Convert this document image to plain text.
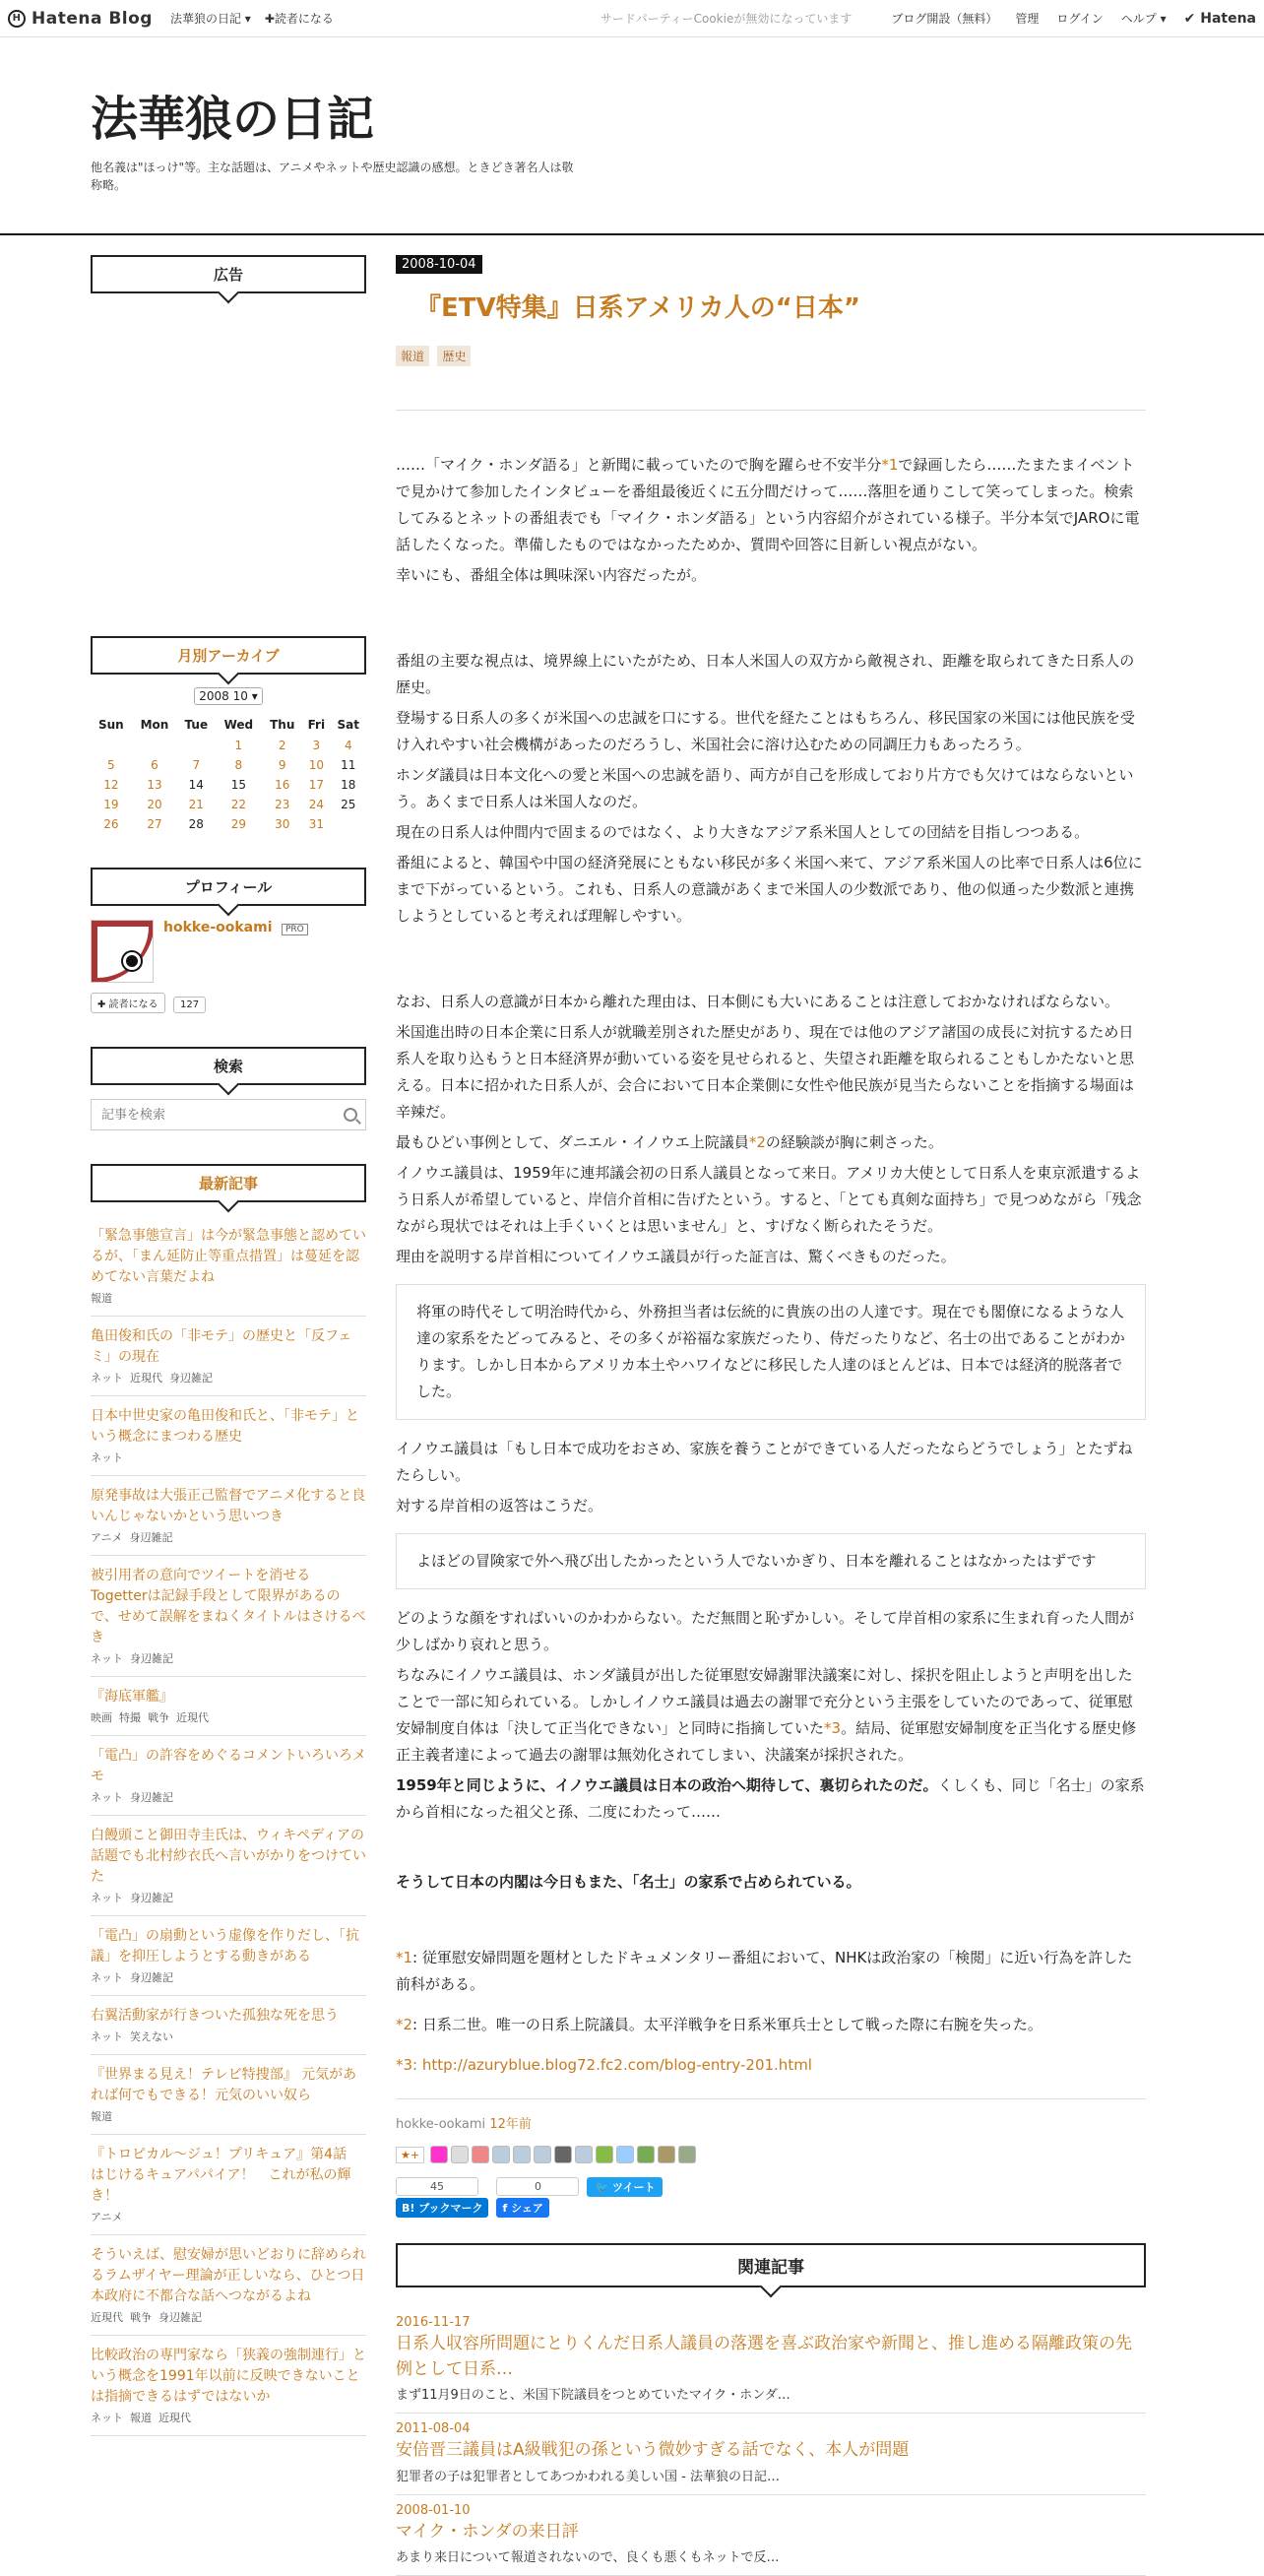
H Hatena Blog 法華狼の日記 ▾ ✚読者になる	サードパーティーCookieが無効になっています	ブログ開設（無料） 管理 ログイン ヘルプ ▾ ✔
Hatena
法華狼の日記
他名義は"ほっけ"等。主な話題は、アニメやネットや歴史認識の感想。ときどき著名人は敬称略。
広告
月別アーカイブ
2008 10 ▾
Sun	Mon	Tue	Wed	Thu	Fri	Sat
			1	2	3	4
5	6	7	8	9	10	11
12	13	14	15	16	17	18
19	20	21	22	23	24	25
26	27	28	29	30	31	
プロフィール
hokke-ookami PRO
✚ 読者になる 127
検索
記事を検索
最新記事
「緊急事態宣言」は今が緊急事態と認めているが、「まん延防止等重点措置」は蔓延を認めてない言葉だよね
報道
亀田俊和氏の「非モテ」の歴史と「反フェミ」の現在
ネット 近現代 身辺雑記
日本中世史家の亀田俊和氏と、「非モテ」という概念にまつわる歴史
ネット
原発事故は大張正己監督でアニメ化すると良いんじゃないかという思いつき
アニメ 身辺雑記
被引用者の意向でツイートを消せるTogetterは記録手段として限界があるので、せめて誤解をまねくタイトルはさけるべき
ネット 身辺雑記
『海底軍艦』
映画 特撮 戦争 近現代
「電凸」の許容をめぐるコメントいろいろメモ
ネット 身辺雑記
白饅頭こと御田寺圭氏は、ウィキペディアの話題でも北村紗衣氏へ言いがかりをつけていた
ネット 身辺雑記
「電凸」の扇動という虚像を作りだし、「抗議」を抑圧しようとする動きがある
ネット 身辺雑記
右翼活動家が行きついた孤独な死を思う
ネット 笑えない
『世界まる見え！テレビ特捜部』 元気があれば何でもできる！元気のいい奴ら
報道
『トロピカル～ジュ！プリキュア』第4話　はじけるキュアパパイア！　これが私の輝き！
アニメ
そういえば、慰安婦が思いどおりに辞められるラムザイヤー理論が正しいなら、ひとつ日本政府に不都合な話へつながるよね
近現代 戦争 身辺雑記
比較政治の専門家なら「狭義の強制連行」という概念を1991年以前に反映できないことは指摘できるはずではないか
ネット 報道 近現代
2008-10-04
『ETV特集』日系アメリカ人の“日本”
報道 歴史

……「マイク・ホンダ語る」と新聞に載っていたので胸を躍らせ不安半分*1で録画したら……たまたまイベントで見かけて参加したインタビューを番組最後近くに五分間だけって……落胆を通りこして笑ってしまった。検索してみるとネットの番組表でも「マイク・ホンダ語る」という内容紹介がされている様子。半分本気でJAROに電話したくなった。準備したものではなかったためか、質問や回答に目新しい視点がない。

幸いにも、番組全体は興味深い内容だったが。

番組の主要な視点は、境界線上にいたがため、日本人米国人の双方から敵視され、距離を取られてきた日系人の歴史。

登場する日系人の多くが米国への忠誠を口にする。世代を経たことはもちろん、移民国家の米国には他民族を受け入れやすい社会機構があったのだろうし、米国社会に溶け込むための同調圧力もあったろう。

ホンダ議員は日本文化への愛と米国への忠誠を語り、両方が自己を形成しており片方でも欠けてはならないという。あくまで日系人は米国人なのだ。

現在の日系人は仲間内で固まるのではなく、より大きなアジア系米国人としての団結を目指しつつある。

番組によると、韓国や中国の経済発展にともない移民が多く米国へ来て、アジア系米国人の比率で日系人は6位にまで下がっているという。これも、日系人の意識があくまで米国人の少数派であり、他の似通った少数派と連携しようとしていると考えれば理解しやすい。

なお、日系人の意識が日本から離れた理由は、日本側にも大いにあることは注意しておかなければならない。

米国進出時の日本企業に日系人が就職差別された歴史があり、現在では他のアジア諸国の成長に対抗するため日系人を取り込もうと日本経済界が動いている姿を見せられると、失望され距離を取られることもしかたないと思える。日本に招かれた日系人が、会合において日本企業側に女性や他民族が見当たらないことを指摘する場面は辛辣だ。

最もひどい事例として、ダニエル・イノウエ上院議員*2の経験談が胸に刺さった。

イノウエ議員は、1959年に連邦議会初の日系人議員となって来日。アメリカ大使として日系人を東京派遣するよう日系人が希望していると、岸信介首相に告げたという。すると、「とても真剣な面持ち」で見つめながら「残念ながら現状ではそれは上手くいくとは思いません」と、すげなく断られたそうだ。

理由を説明する岸首相についてイノウエ議員が行った証言は、驚くべきものだった。

将軍の時代そして明治時代から、外務担当者は伝統的に貴族の出の人達です。現在でも閣僚になるような人達の家系をたどってみると、その多くが裕福な家族だったり、侍だったりなど、名士の出であることがわかります。しかし日本からアメリカ本土やハワイなどに移民した人達のほとんどは、日本では経済的脱落者でした。

イノウエ議員は「もし日本で成功をおさめ、家族を養うことができている人だったならどうでしょう」とたずねたらしい。

対する岸首相の返答はこうだ。

よほどの冒険家で外へ飛び出したかったという人でないかぎり、日本を離れることはなかったはずです

どのような顔をすればいいのかわからない。ただ無間と恥ずかしい。そして岸首相の家系に生まれ育った人間が少しばかり哀れと思う。

ちなみにイノウエ議員は、ホンダ議員が出した従軍慰安婦謝罪決議案に対し、採択を阻止しようと声明を出したことで一部に知られている。しかしイノウエ議員は過去の謝罪で充分という主張をしていたのであって、従軍慰安婦制度自体は「決して正当化できない」と同時に指摘していた*3。結局、従軍慰安婦制度を正当化する歴史修正主義者達によって過去の謝罪は無効化されてしまい、決議案が採択された。

1959年と同じように、イノウエ議員は日本の政治へ期待して、裏切られたのだ。くしくも、同じ「名士」の家系から首相になった祖父と孫、二度にわたって……

そうして日本の内閣は今日もまた、「名士」の家系で占められている。

*1: 従軍慰安婦問題を題材としたドキュメンタリー番組において、NHKは政治家の「検閲」に近い行為を許した前科がある。

*2: 日系二世。唯一の日系上院議員。太平洋戦争を日系米軍兵士として戦った際に右腕を失った。

*3: http://azuryblue.blog72.fc2.com/blog-entry-201.html

hokke-ookami 12年前
★+
45
B! ブックマーク
0
f シェア
🐦 ツイート
関連記事
2016-11-17
日系人収容所問題にとりくんだ日系人議員の落選を喜ぶ政治家や新聞と、推し進める隔離政策の先例として日系…
まず11月9日のこと、米国下院議員をつとめていたマイク・ホンダ…
2011-08-04
安倍晋三議員はA級戦犯の孫という微妙すぎる話でなく、本人が問題
犯罪者の子は犯罪者としてあつかわれる美しい国 - 法華狼の日記…
2008-01-10
マイク・ホンダの来日評
あまり来日について報道されないので、良くも悪くもネットで反…
